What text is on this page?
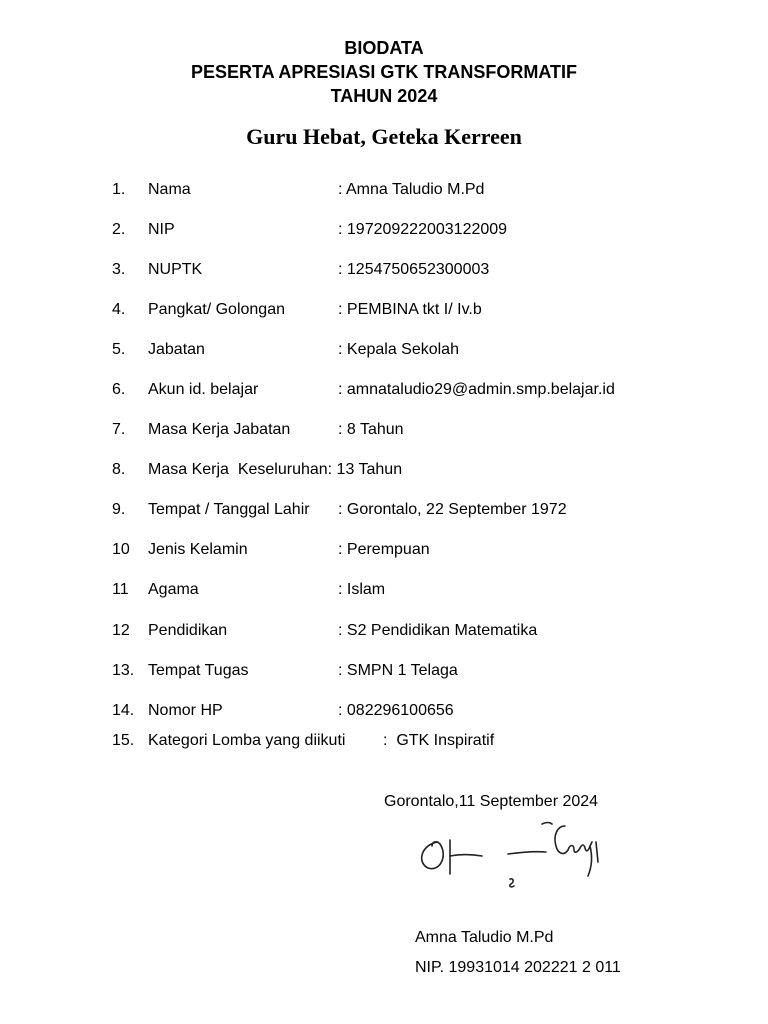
BIODATA
PESERTA APRESIASI GTK TRANSFORMATIF
TAHUN 2024
Guru Hebat, Geteka Kerreen
1. Nama	: Amna Taludio M.Pd
2. NIP	: 197209222003122009
3. NUPTK	: 1254750652300003
4. Pangkat/ Golongan	: PEMBINA tkt I/ Iv.b
5. Jabatan	: Kepala Sekolah
6. Akun id. belajar	: amnataludio29@admin.smp.belajar.id
7. Masa Kerja Jabatan	: 8 Tahun
8. Masa Kerja  Keseluruhan: 13 Tahun
9. Tempat / Tanggal Lahir : Gorontalo, 22 September 1972
10 Jenis Kelamin	: Perempuan
11 Agama	: Islam
12 Pendidikan	: S2 Pendidikan Matematika
13. Tempat Tugas	: SMPN 1 Telaga
14. Nomor HP	: 082296100656
15. Kategori Lomba yang diikuti :  GTK Inspiratif
Gorontalo,11 September 2024
Amna Taludio M.Pd
NIP. 19931014 202221 2 011
